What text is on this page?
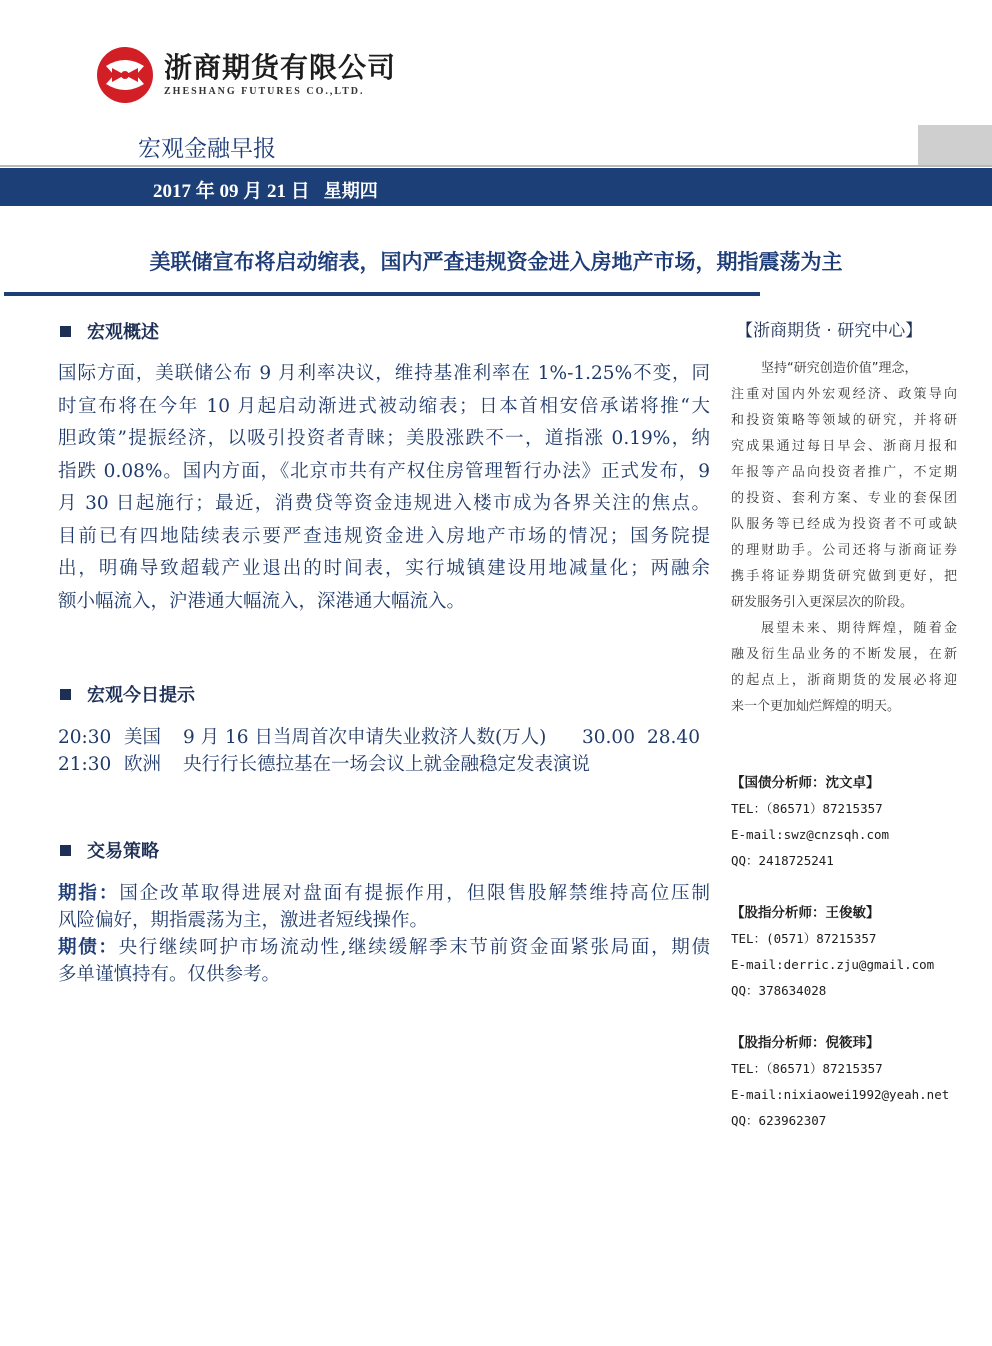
浙商期货有限公司
ZHESHANG FUTURES CO.,LTD.
宏观金融早报
2017 年 09 月 21 日 星期四
美联储宣布将启动缩表，国内严查违规资金进入房地产市场，期指震荡为主
宏观概述
国际方面，美联储公布 9 月利率决议，维持基准利率在 1%-1.25%不变，同
时宣布将在今年 10 月起启动渐进式被动缩表；日本首相安倍承诺将推“大
胆政策”提振经济，以吸引投资者青睐；美股涨跌不一，道指涨 0.19%，纳
指跌 0.08%。国内方面，《北京市共有产权住房管理暂行办法》正式发布，9
月 30 日起施行；最近，消费贷等资金违规进入楼市成为各界关注的焦点。
目前已有四地陆续表示要严查违规资金进入房地产市场的情况；国务院提
出，明确导致超载产业退出的时间表，实行城镇建设用地减量化；两融余
额小幅流入，沪港通大幅流入，深港通大幅流入。
宏观今日提示
20:30 美国 9 月 16 日当周首次申请失业救济人数(万人) 30.00 28.40
21:30 欧洲 央行行长德拉基在一场会议上就金融稳定发表演说
交易策略
期指：国企改革取得进展对盘面有提振作用，但限售股解禁维持高位压制
风险偏好，期指震荡为主，激进者短线操作。
期债：央行继续呵护市场流动性,继续缓解季末节前资金面紧张局面，期债
多单谨慎持有。仅供参考。
【浙商期货 · 研究中心】
坚持“研究创造价值”理念，
注重对国内外宏观经济、政策导向
和投资策略等领域的研究，并将研
究成果通过每日早会、浙商月报和
年报等产品向投资者推广，不定期
的投资、套利方案、专业的套保团
队服务等已经成为投资者不可或缺
的理财助手。公司还将与浙商证券
携手将证券期货研究做到更好，把
研发服务引入更深层次的阶段。
展望未来、期待辉煌，随着金
融及衍生品业务的不断发展，在新
的起点上，浙商期货的发展必将迎
来一个更加灿烂辉煌的明天。
【国债分析师：沈文卓】
TEL：（86571）87215357
E-mail:swz@cnzsqh.com
QQ：2418725241
【股指分析师：王俊敏】
TEL：(0571）87215357
E-mail:derric.zju@gmail.com
QQ：378634028
【股指分析师：倪筱玮】
TEL：（86571）87215357
E-mail:nixiaowei1992@yeah.net
QQ：623962307
